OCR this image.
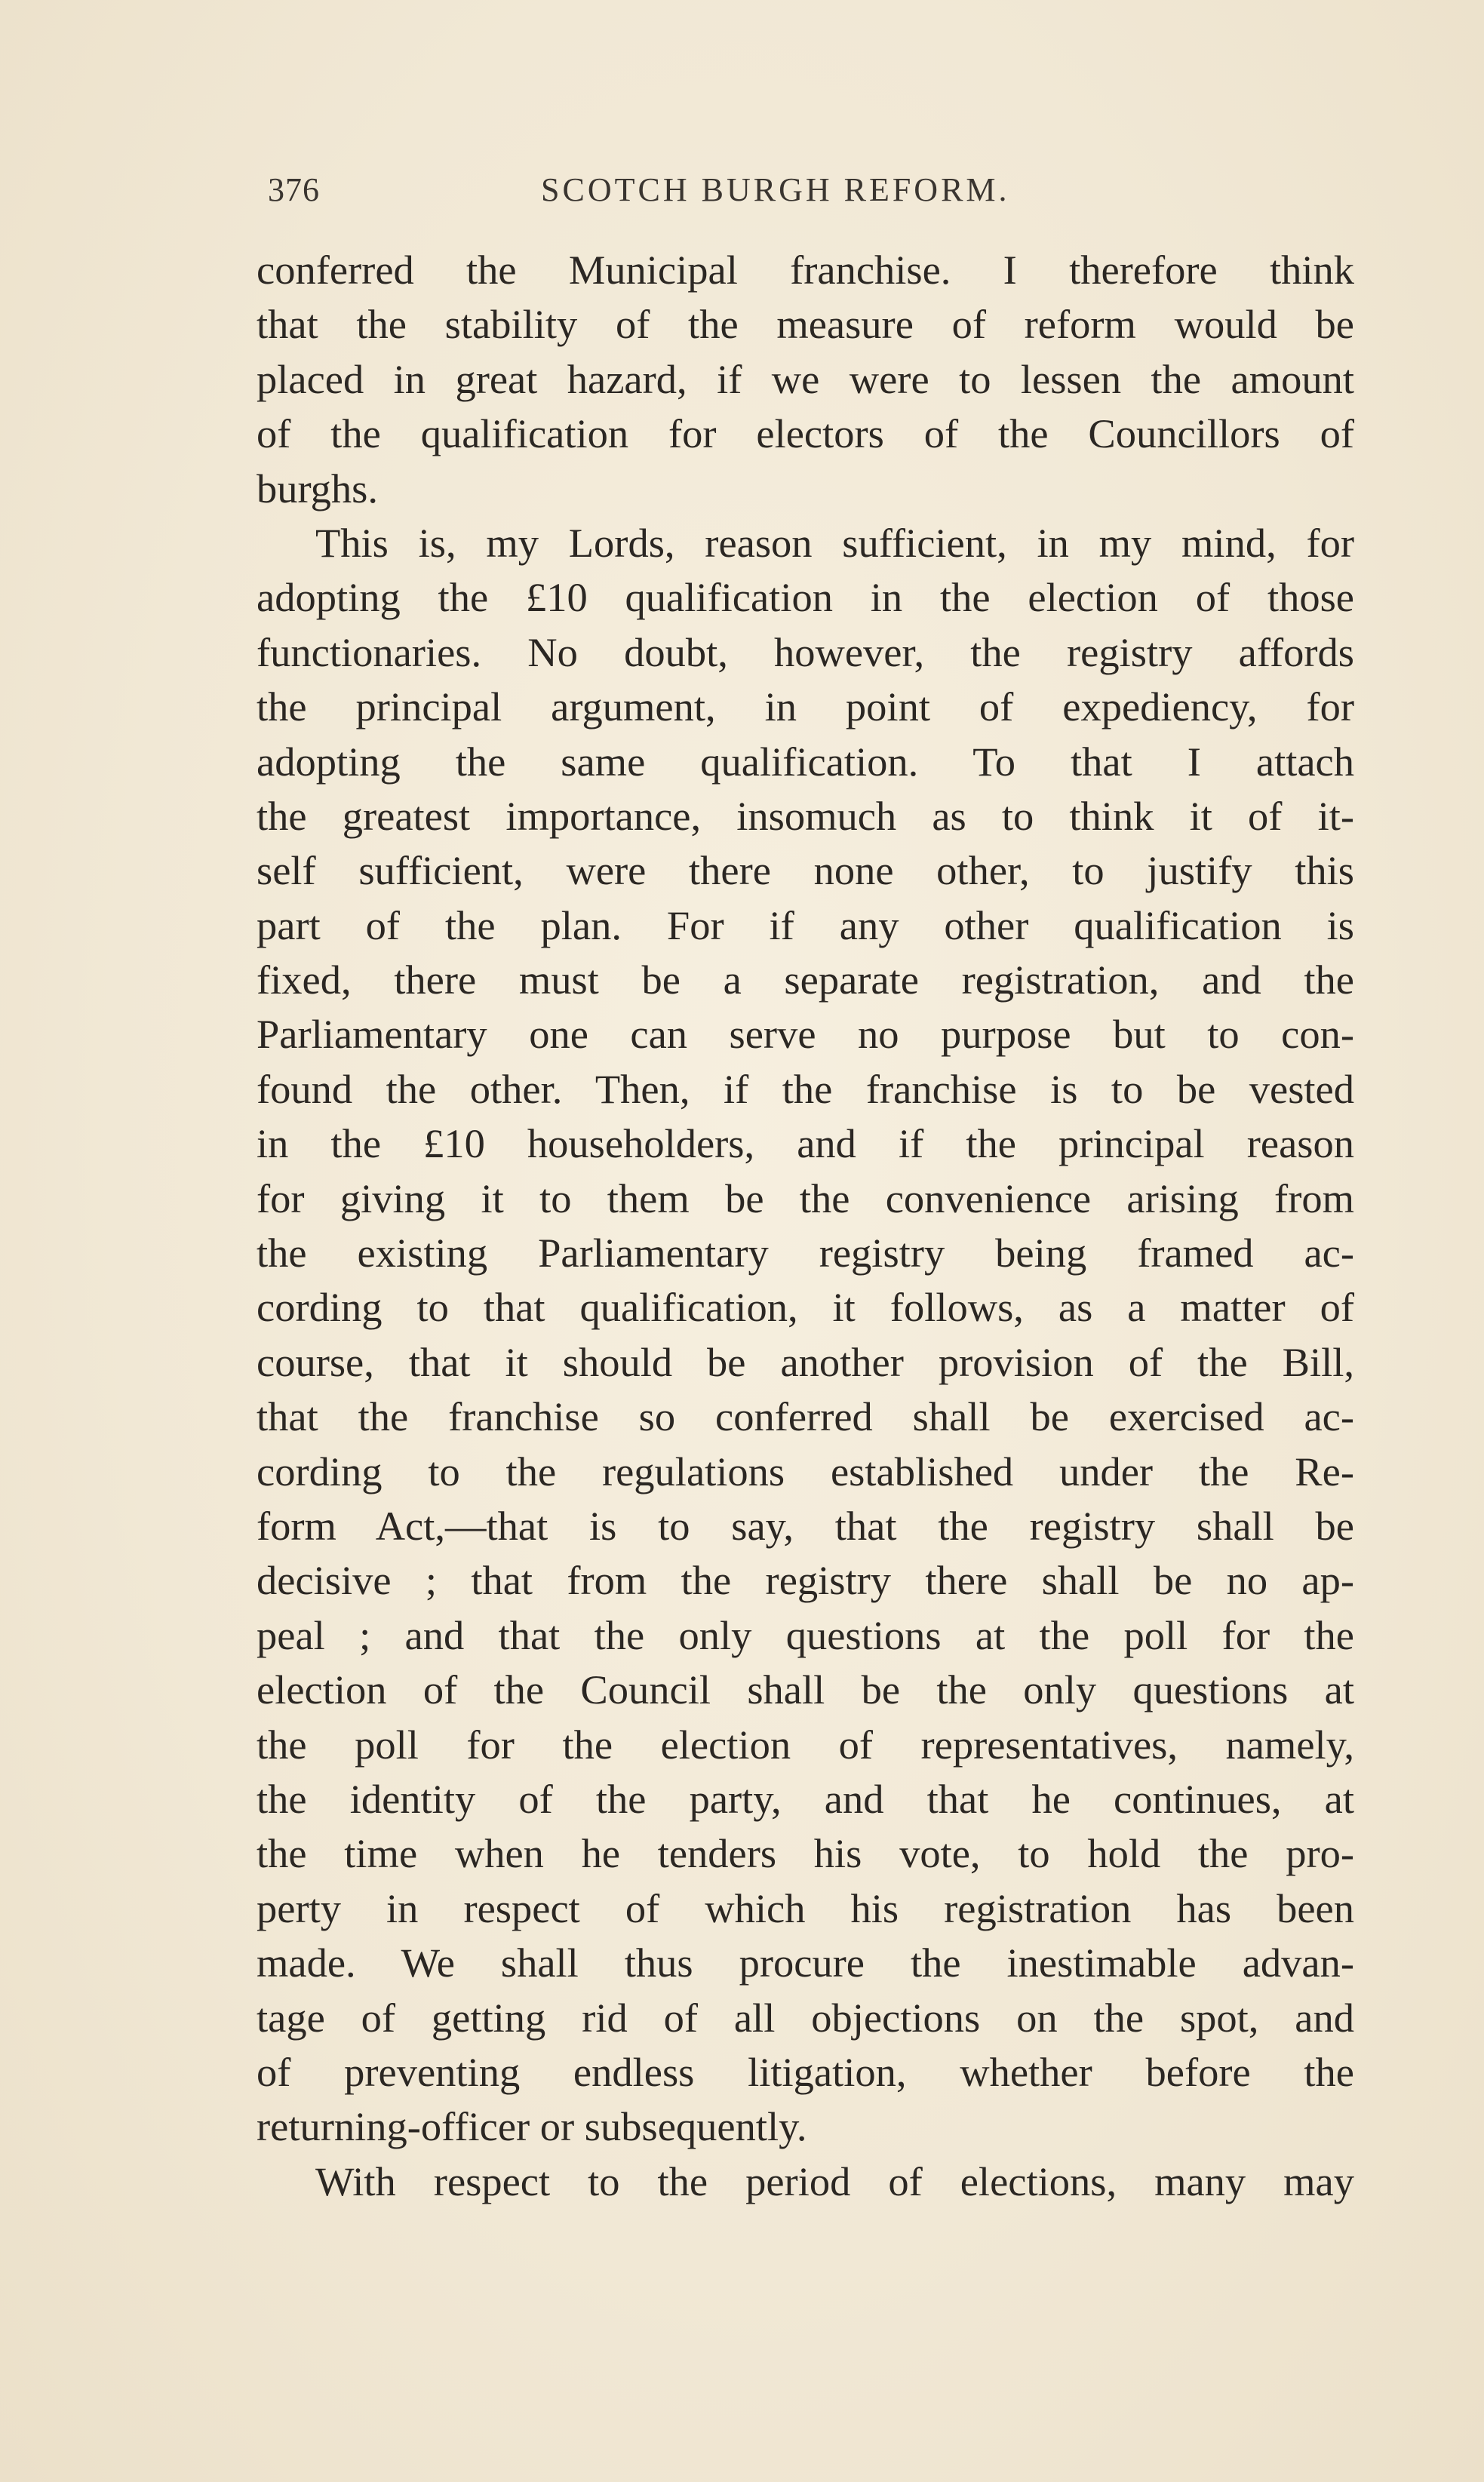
376	SCOTCH BURGH REFORM.
conferred the Municipal franchise. I therefore think
that the stability of the measure of reform would be
placed in great hazard, if we were to lessen the amount
of the qualification for electors of the Councillors of
burghs.
This is, my Lords, reason sufficient, in my mind, for
adopting the £10 qualification in the election of those
functionaries. No doubt, however, the registry affords
the principal argument, in point of expediency, for
adopting the same qualification. To that I attach
the greatest importance, insomuch as to think it of it-
self sufficient, were there none other, to justify this
part of the plan. For if any other qualification is
fixed, there must be a separate registration, and the
Parliamentary one can serve no purpose but to con-
found the other. Then, if the franchise is to be vested
in the £10 householders, and if the principal reason
for giving it to them be the convenience arising from
the existing Parliamentary registry being framed ac-
cording to that qualification, it follows, as a matter of
course, that it should be another provision of the Bill,
that the franchise so conferred shall be exercised ac-
cording to the regulations established under the Re-
form Act,—that is to say, that the registry shall be
decisive ; that from the registry there shall be no ap-
peal ; and that the only questions at the poll for the
election of the Council shall be the only questions at
the poll for the election of representatives, namely,
the identity of the party, and that he continues, at
the time when he tenders his vote, to hold the pro-
perty in respect of which his registration has been
made. We shall thus procure the inestimable advan-
tage of getting rid of all objections on the spot, and
of preventing endless litigation, whether before the
returning-officer or subsequently.
With respect to the period of elections, many may
